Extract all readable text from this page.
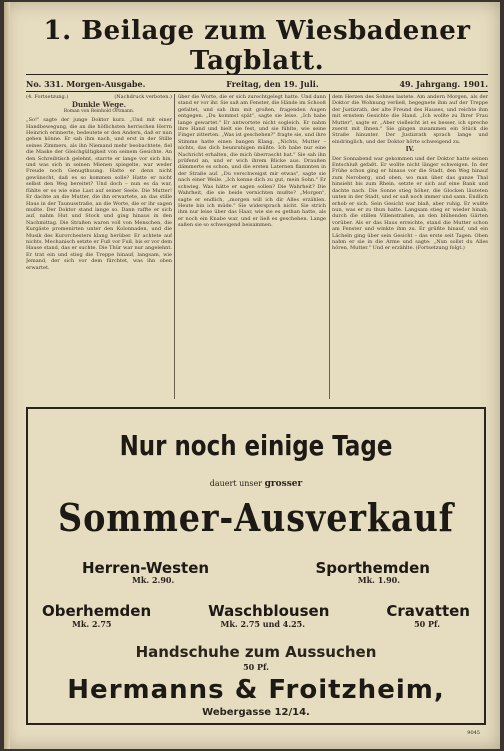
1. Beilage zum Wiesbadener Tagblatt.
No. 331. Morgen-Ausgabe.	Freitag, den 19. Juli.	49. Jahrgang. 1901.
(4. Fortsetzung.)	(Nachdruck verboten.)
Dunkle Wege.
Roman von Reinhold Ortmann.
„So!" sagte der junge Doktor kurz. „Und mit einer Handbewegung, die an die höflichsten herrischen Herrn Heinrich erinnerte, bedeutete er den Andern, daß er nun gehen könne. Er sah ihm nach, und erst in der Stille seines Zimmers, als ihn Niemand mehr beobachtete, fiel die Maske der Gleichgültigkeit von seinem Gesichte. An den Schreibtisch gelehnt, starrte er lange vor sich hin, und was sich in seinen Mienen spiegelte, war weder Freude noch Genugthuung. Hatte er denn nicht gewünscht, daß es so kommen solle? Hatte er nicht selbst den Weg bereitet? Und doch – nun es da war, fühlte er es wie eine Last auf seiner Seele. Die Mutter! Er dachte an die Mutter, die ihn erwartete, an das stille Haus in der Taunusstraße, an die Worte, die er ihr sagen mußte. Der Doktor stand lange so. Dann raffte er sich auf, nahm Hut und Stock und ging hinaus in den Nachmittag. Die Straßen waren voll von Menschen, die Kurgäste promenirten unter den Kolonnaden, und die Musik des Kurorchesters klang herüber. Er achtete auf nichts. Mechanisch setzte er Fuß vor Fuß, bis er vor dem Hause stand, das er suchte. Die Thür war nur angelehnt. Er trat ein und stieg die Treppe hinauf, langsam, wie Jemand, der sich vor dem fürchtet, was ihn oben erwartet.
über die Worte, die er sich zurechtgelegt hatte. Und dann stand er vor ihr. Sie saß am Fenster, die Hände im Schooß gefaltet, und sah ihm mit großen, fragenden Augen entgegen. „Du kommst spät", sagte sie leise. „Ich habe lange gewartet." Er antwortete nicht sogleich. Er nahm ihre Hand und hielt sie fest, und sie fühlte, wie seine Finger zitterten. „Was ist geschehen?" fragte sie, und ihre Stimme hatte einen bangen Klang. „Nichts, Mutter – nichts, das dich beunruhigen müßte. Ich habe nur eine Nachricht erhalten, die mich überrascht hat." Sie sah ihn prüfend an, und er wich ihrem Blicke aus. Draußen dämmerte es schon, und die ersten Laternen flammten in der Straße auf. „Du verschweigst mir etwas", sagte sie nach einer Weile. „Ich kenne dich zu gut, mein Sohn." Er schwieg. Was hätte er sagen sollen? Die Wahrheit? Die Wahrheit, die sie beide vernichten mußte? „Morgen", sagte er endlich, „morgen will ich dir Alles erzählen. Heute bin ich müde." Sie widersprach nicht. Sie strich ihm nur leise über das Haar, wie sie es gethan hatte, als er noch ein Knabe war, und er ließ es geschehen. Lange saßen sie so schweigend beisammen.
dem Herzen des Sohnes lastete. Am andern Morgen, als der Doktor die Wohnung verließ, begegnete ihm auf der Treppe der Justizrath, der alte Freund des Hauses, und reichte ihm mit ernstem Gesichte die Hand. „Ich wollte zu Ihrer Frau Mutter", sagte er. „Aber vielleicht ist es besser, ich spreche zuerst mit Ihnen." Sie gingen zusammen ein Stück die Straße hinunter. Der Justizrath sprach lange und eindringlich, und der Doktor hörte schweigend zu.
IV.
Der Sonnabend war gekommen und der Doktor hatte seinen Entschluß gefaßt. Er wollte nicht länger schweigen. In der Frühe schon ging er hinaus vor die Stadt, den Weg hinauf zum Neroberg, und oben, wo man über das ganze Thal hinsieht bis zum Rhein, setzte er sich auf eine Bank und dachte nach. Die Sonne stieg höher, die Glocken läuteten unten in der Stadt, und er saß noch immer und sann. Endlich erhob er sich. Sein Gesicht war blaß, aber ruhig. Er wußte nun, was er zu thun hatte. Langsam stieg er wieder hinab, durch die stillen Villenstraßen, an den blühenden Gärten vorüber. Als er das Haus erreichte, stand die Mutter schon am Fenster und winkte ihm zu. Er grüßte hinauf, und ein Lächeln ging über sein Gesicht – das erste seit Tagen. Oben nahm er sie in die Arme und sagte: „Nun sollst du Alles hören, Mutter." Und er erzählte. (Fortsetzung folgt.)
Nur noch einige Tage
dauert unser grosser
Sommer-Ausverkauf
Herren-Westen	Sporthemden
Mk. 2.90.	Mk. 1.90.
Oberhemden	Waschblousen	Cravatten
Mk. 2.75	Mk. 2.75 und 4.25.	50 Pf.
Handschuhe zum Aussuchen
50 Pf.
Hermanns & Froitzheim,
Webergasse 12/14.
9045
